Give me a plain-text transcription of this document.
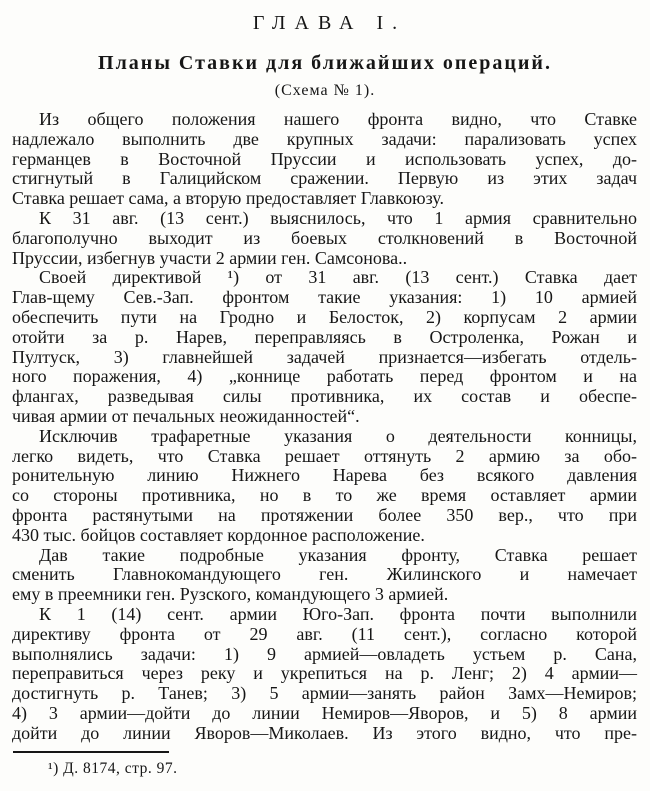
ГЛАВА I.
Планы Ставки для ближайших операций.
(Схема № 1).
Из общего положения нашего фронта видно, что Ставке
надлежало выполнить две крупных задачи: парализовать успех
германцев в Восточной Пруссии и использовать успех, до-
стигнутый в Галицийском сражении. Первую из этих задач
Ставка решает сама, а вторую предоставляет Главкоюзу.
К 31 авг. (13 сент.) выяснилось, что 1 армия сравнительно
благополучно выходит из боевых столкновений в Восточной
Пруссии, избегнув участи 2 армии ген. Самсонова..
Своей директивой ¹) от 31 авг. (13 сент.) Ставка дает
Глав-щему Сев.-Зап. фронтом такие указания: 1) 10 армией
обеспечить пути на Гродно и Белосток, 2) корпусам 2 армии
отойти за р. Нарев, переправляясь в Остроленка, Рожан и
Пултуск, 3) главнейшей задачей признается—избегать отдель-
ного поражения, 4) „коннице работать перед фронтом и на
флангах, разведывая силы противника, их состав и обеспе-
чивая армии от печальных неожиданностей“.
Исключив трафаретные указания о деятельности конницы,
легко видеть, что Ставка решает оттянуть 2 армию за обо-
ронительную линию Нижнего Нарева без всякого давления
со стороны противника, но в то же время оставляет армии
фронта растянутыми на протяжении более 350 вер., что при
430 тыс. бойцов составляет кордонное расположение.
Дав такие подробные указания фронту, Ставка решает
сменить Главнокомандующего ген. Жилинского и намечает
ему в преемники ген. Рузского, командующего 3 армией.
К 1 (14) сент. армии Юго-Зап. фронта почти выполнили
директиву фронта от 29 авг. (11 сент.), согласно которой
выполнялись задачи: 1) 9 армией—овладеть устьем р. Сана,
переправиться через реку и укрепиться на р. Ленг; 2) 4 армии—
достигнуть р. Танев; 3) 5 армии—занять район Замх—Немиров;
4) 3 армии—дойти до линии Немиров—Яворов, и 5) 8 армии
дойти до линии Яворов—Миколаев. Из этого видно, что пре-
¹) Д. 8174, стр. 97.
